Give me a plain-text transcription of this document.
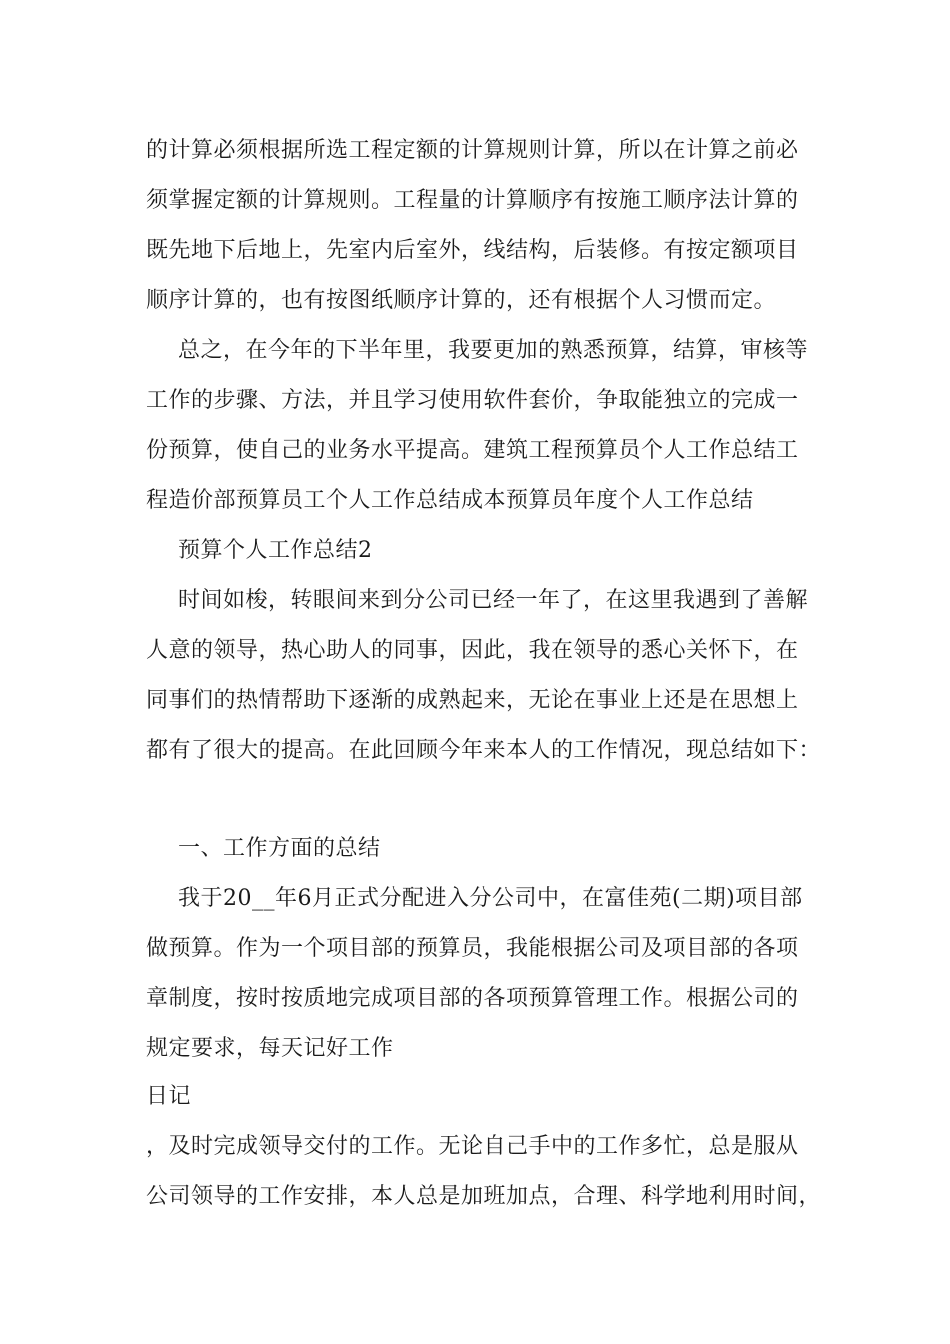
的计算必须根据所选工程定额的计算规则计算，所以在计算之前必
须掌握定额的计算规则。工程量的计算顺序有按施工顺序法计算的
既先地下后地上，先室内后室外，线结构，后装修。有按定额项目
顺序计算的，也有按图纸顺序计算的，还有根据个人习惯而定。
总之，在今年的下半年里，我要更加的熟悉预算，结算，审核等
工作的步骤、方法，并且学习使用软件套价，争取能独立的完成一
份预算，使自己的业务水平提高。建筑工程预算员个人工作总结工
程造价部预算员工个人工作总结成本预算员年度个人工作总结
预算个人工作总结2
时间如梭，转眼间来到分公司已经一年了，在这里我遇到了善解
人意的领导，热心助人的同事，因此，我在领导的悉心关怀下，在
同事们的热情帮助下逐渐的成熟起来，无论在事业上还是在思想上
都有了很大的提高。在此回顾今年来本人的工作情况，现总结如下：
一、工作方面的总结
我于20__年6月正式分配进入分公司中，在富佳苑(二期)项目部
做预算。作为一个项目部的预算员，我能根据公司及项目部的各项
章制度，按时按质地完成项目部的各项预算管理工作。根据公司的
规定要求，每天记好工作
日记
，及时完成领导交付的工作。无论自己手中的工作多忙，总是服从
公司领导的工作安排，本人总是加班加点，合理、科学地利用时间，
